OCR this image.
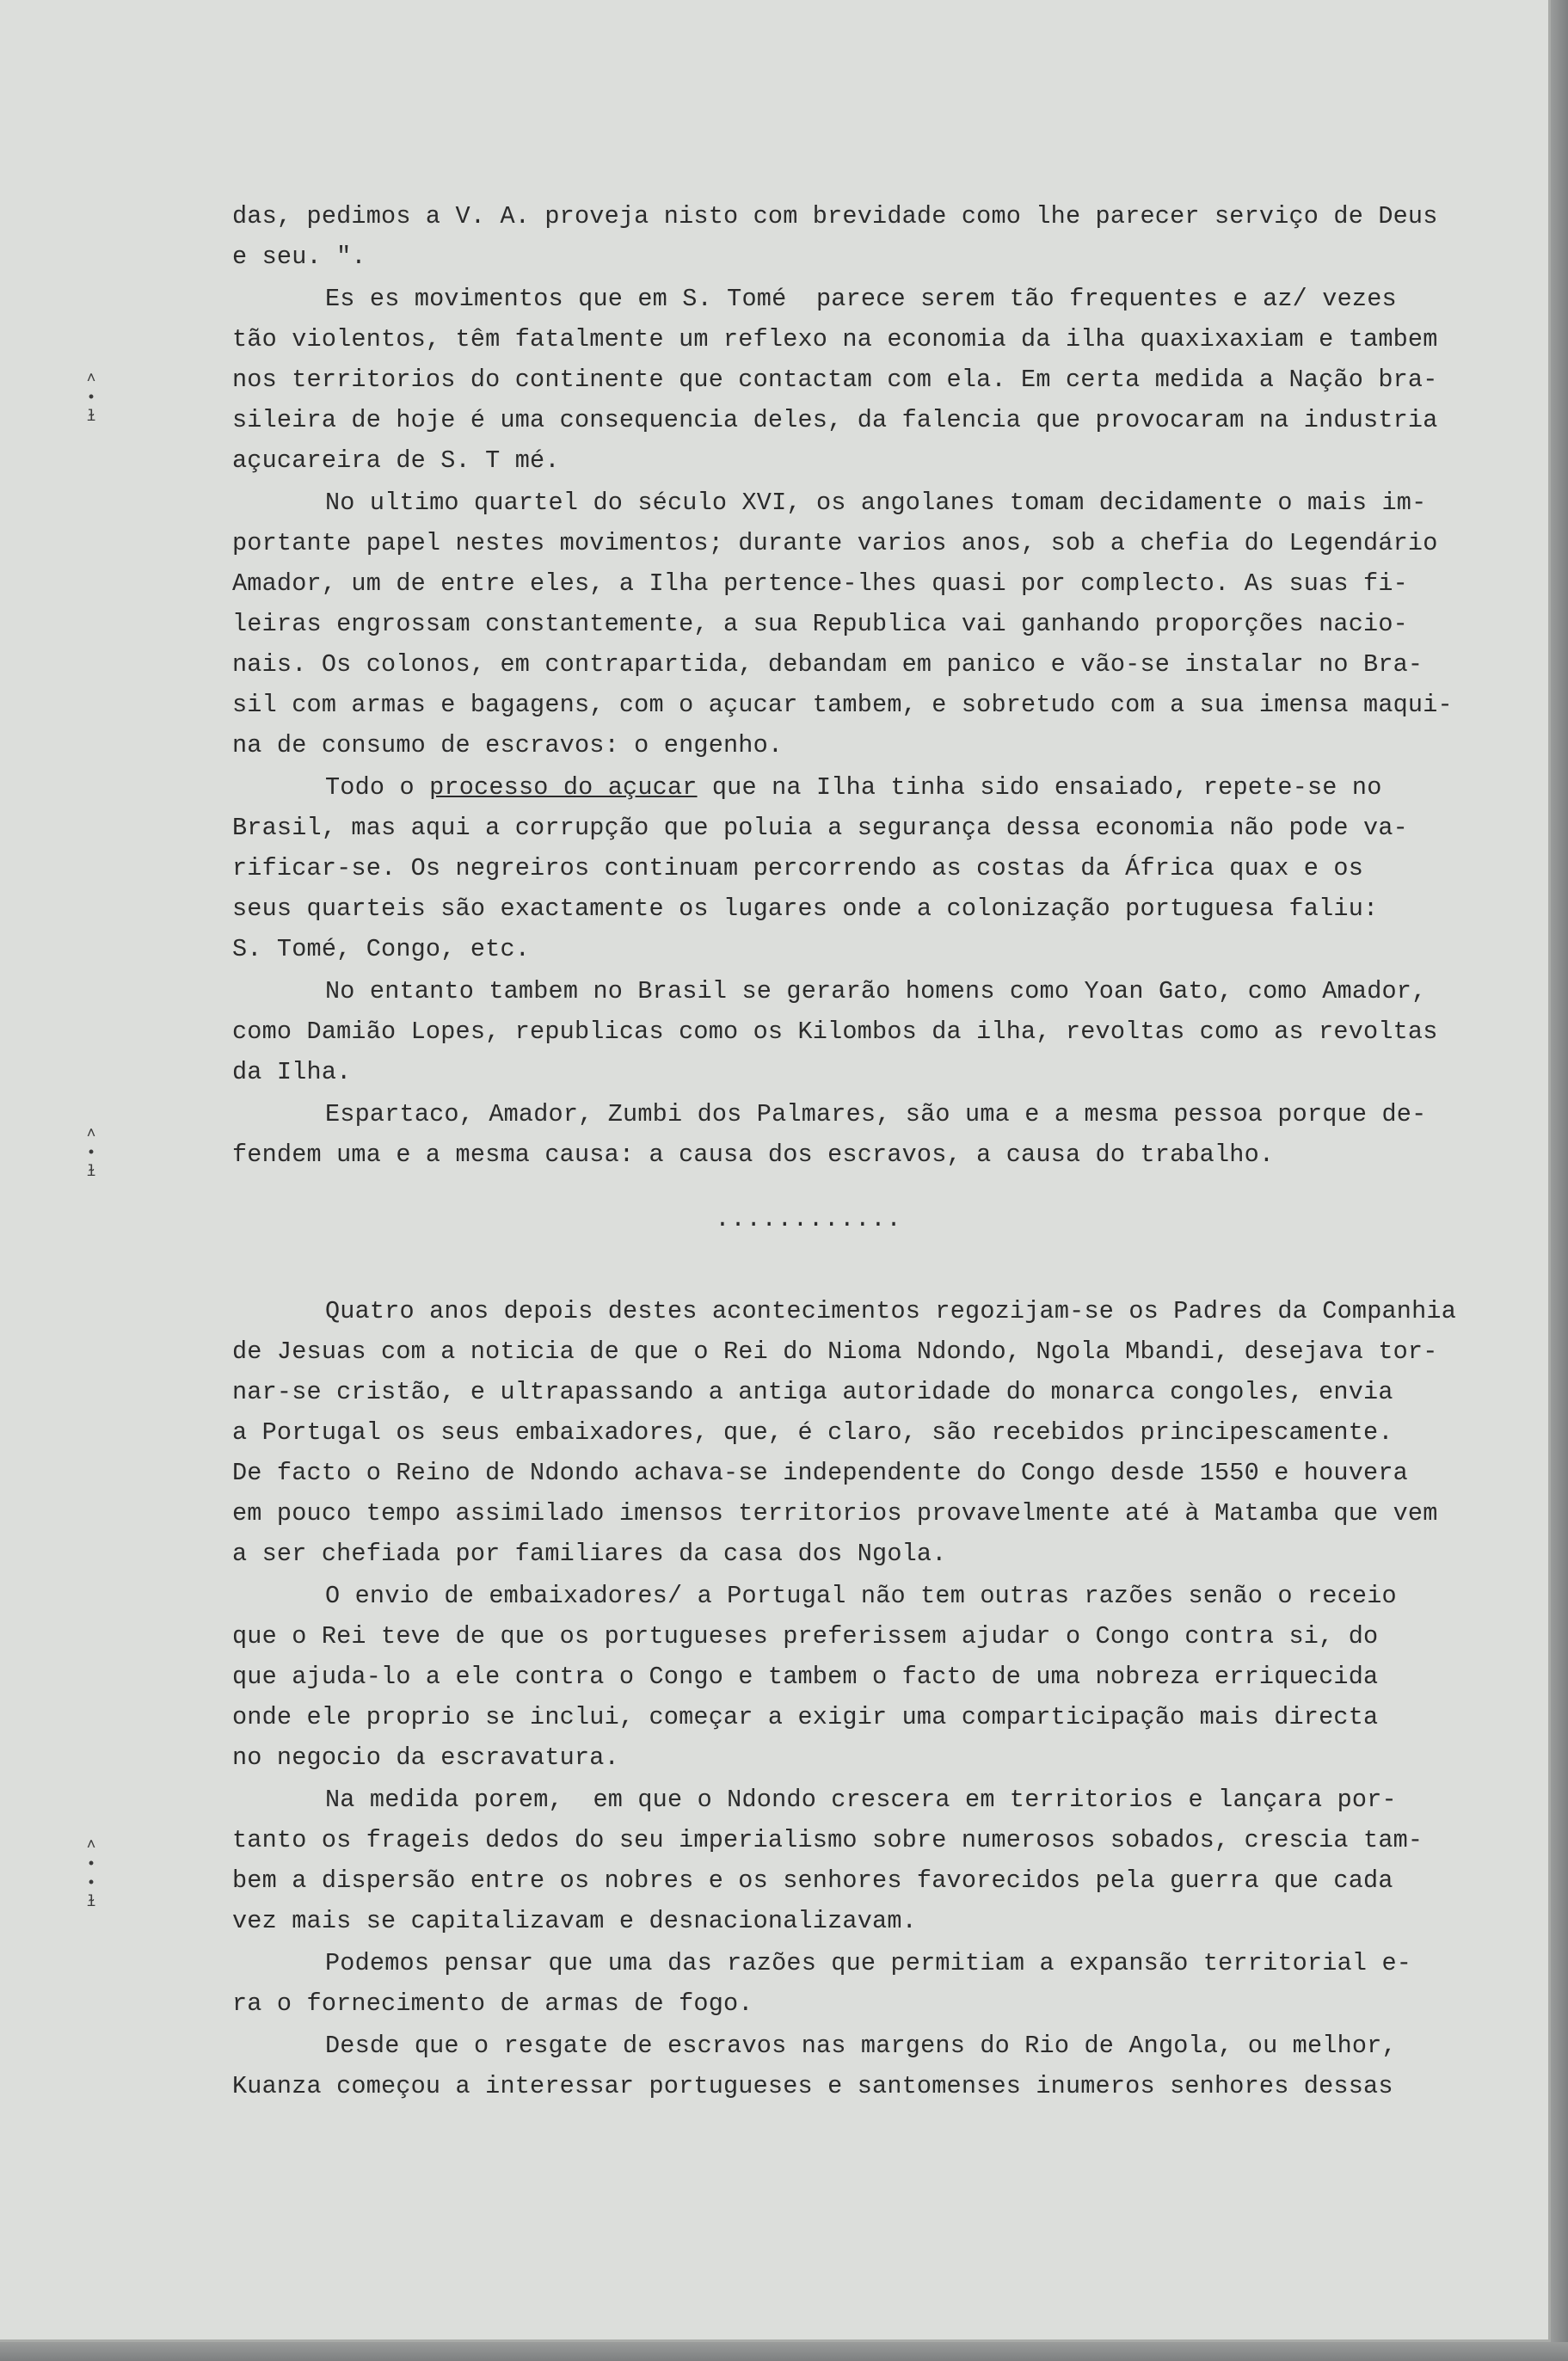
˄
•
ɫ
˄
•
ɫ
˄
•
•
ɫ

das, pedimos a V. A. proveja nisto com brevidade como lhe parecer serviço de Deus
e seu. ".

Es es movimentos que em S. Tomé  parece serem tão frequentes e az/ vezes
tão violentos, têm fatalmente um reflexo na economia da ilha quaxixaxiam e tambem
nos territorios do continente que contactam com ela. Em certa medida a Nação bra-
sileira de hoje é uma consequencia deles, da falencia que provocaram na industria
açucareira de S. T mé.

No ultimo quartel do século XVI, os angolanes tomam decidamente o mais im-
portante papel nestes movimentos; durante varios anos, sob a chefia do Legendário
Amador, um de entre eles, a Ilha pertence-lhes quasi por complecto. As suas fi-
leiras engrossam constantemente, a sua Republica vai ganhando proporções nacio-
nais. Os colonos, em contrapartida, debandam em panico e vão-se instalar no Bra-
sil com armas e bagagens, com o açucar tambem, e sobretudo com a sua imensa maqui-
na de consumo de escravos: o engenho.

Todo o processo do açucar que na Ilha tinha sido ensaiado, repete-se no
Brasil, mas aqui a corrupção que poluia a segurança dessa economia não pode va-
rificar-se. Os negreiros continuam percorrendo as costas da África quax e os
seus quarteis são exactamente os lugares onde a colonização portuguesa faliu:
S. Tomé, Congo, etc.

No entanto tambem no Brasil se gerarão homens como Yoan Gato, como Amador,
como Damião Lopes, republicas como os Kilombos da ilha, revoltas como as revoltas
da Ilha.

Espartaco, Amador, Zumbi dos Palmares, são uma e a mesma pessoa porque de-
fendem uma e a mesma causa: a causa dos escravos, a causa do trabalho.

............

Quatro anos depois destes acontecimentos regozijam-se os Padres da Companhia
de Jesuas com a noticia de que o Rei do Nioma Ndondo, Ngola Mbandi, desejava tor-
nar-se cristão, e ultrapassando a antiga autoridade do monarca congoles, envia
a Portugal os seus embaixadores, que, é claro, são recebidos principescamente.
De facto o Reino de Ndondo achava-se independente do Congo desde 1550 e houvera
em pouco tempo assimilado imensos territorios provavelmente até à Matamba que vem
a ser chefiada por familiares da casa dos Ngola.

O envio de embaixadores/ a Portugal não tem outras razões senão o receio
que o Rei teve de que os portugueses preferissem ajudar o Congo contra si, do
que ajuda-lo a ele contra o Congo e tambem o facto de uma nobreza erriquecida
onde ele proprio se inclui, começar a exigir uma comparticipação mais directa
no negocio da escravatura.

Na medida porem,  em que o Ndondo crescera em territorios e lançara por-
tanto os frageis dedos do seu imperialismo sobre numerosos sobados, crescia tam-
bem a dispersão entre os nobres e os senhores favorecidos pela guerra que cada
vez mais se capitalizavam e desnacionalizavam.

Podemos pensar que uma das razões que permitiam a expansão territorial e-
ra o fornecimento de armas de fogo.

Desde que o resgate de escravos nas margens do Rio de Angola, ou melhor,
Kuanza começou a interessar portugueses e santomenses inumeros senhores dessas
